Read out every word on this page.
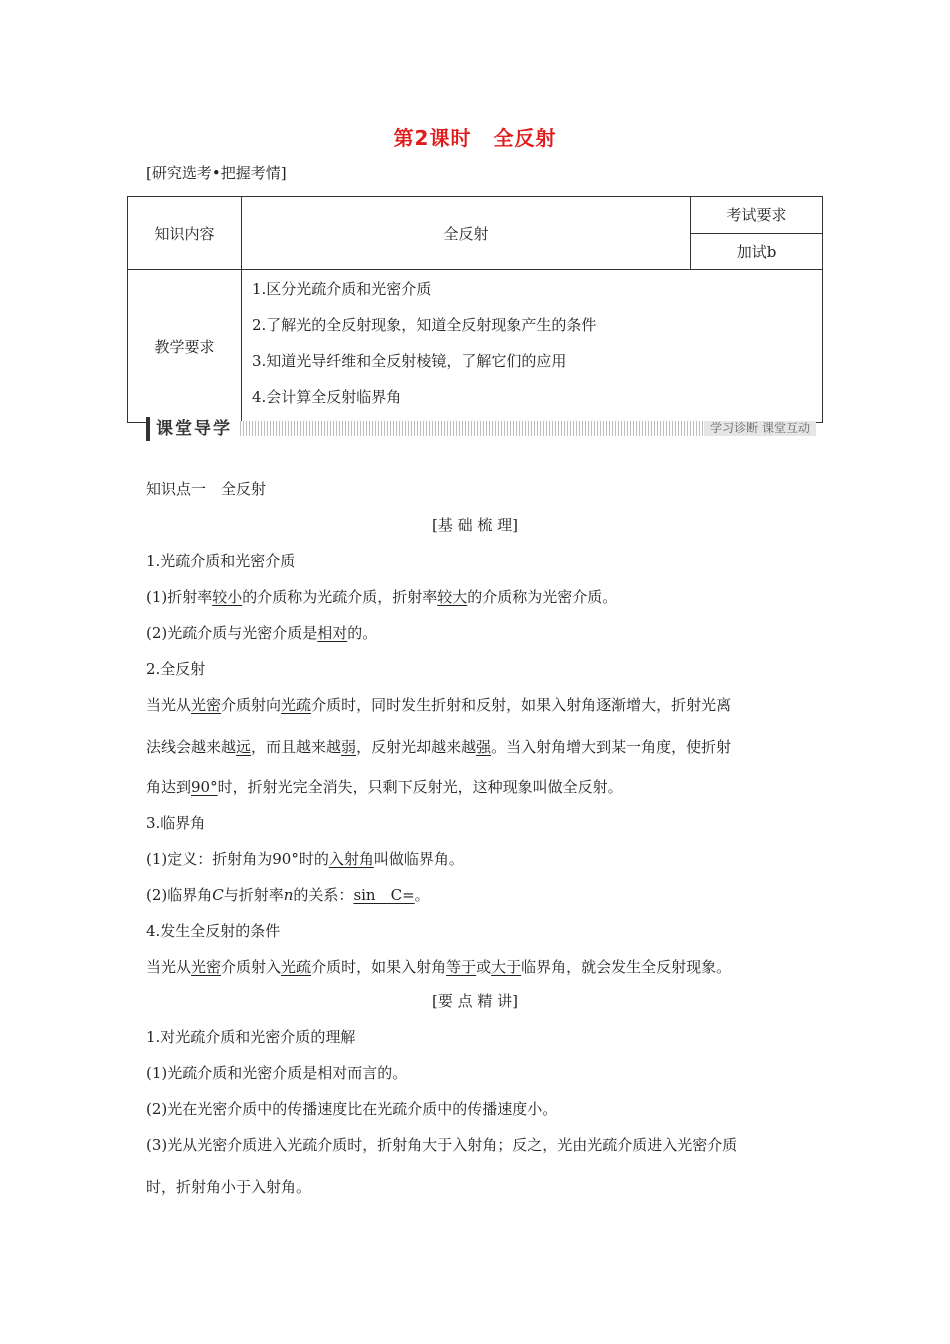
第2课时 全反射
[研究选考•把握考情]
知识内容	全反射	考试要求
		加试b
教学要求	1.区分光疏介质和光密介质
2.了解光的全反射现象，知道全反射现象产生的条件
3.知道光导纤维和全反射棱镜，了解它们的应用
4.会计算全反射临界角	
课堂导学	学习诊断 课堂互动
知识点一　全反射
[基 础 梳 理]
1.光疏介质和光密介质
(1)折射率较小的介质称为光疏介质，折射率较大的介质称为光密介质。
(2)光疏介质与光密介质是相对的。
2.全反射
当光从光密介质射向光疏介质时，同时发生折射和反射，如果入射角逐渐增大，折射光离
法线会越来越远，而且越来越弱，反射光却越来越强。当入射角增大到某一角度，使折射
角达到90°时，折射光完全消失，只剩下反射光，这种现象叫做全反射。
3.临界角
(1)定义：折射角为90°时的入射角叫做临界角。
(2)临界角C与折射率n的关系：sin　C=。
4.发生全反射的条件
当光从光密介质射入光疏介质时，如果入射角等于或大于临界角，就会发生全反射现象。
[要 点 精 讲]
1.对光疏介质和光密介质的理解
(1)光疏介质和光密介质是相对而言的。
(2)光在光密介质中的传播速度比在光疏介质中的传播速度小。
(3)光从光密介质进入光疏介质时，折射角大于入射角；反之，光由光疏介质进入光密介质
时，折射角小于入射角。
